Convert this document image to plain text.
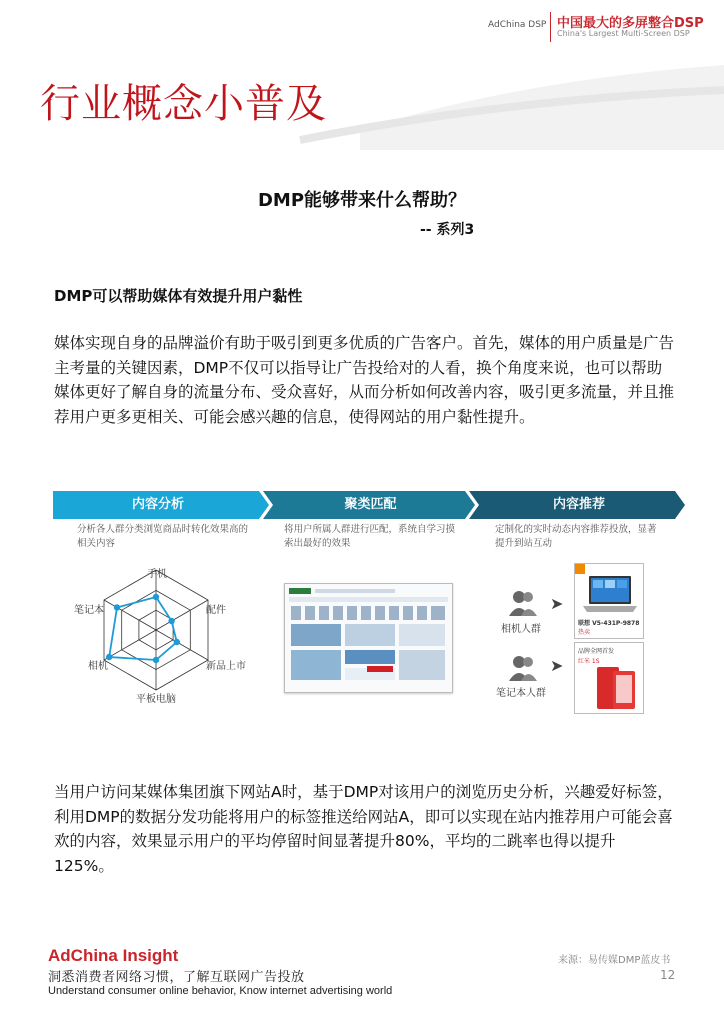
AdChina DSP 中国最大的多屏整合DSP
China's Largest Multi-Screen DSP
行业概念小普及
DMP能够带来什么帮助？
-- 系列3
DMP可以帮助媒体有效提升用户黏性
媒体实现自身的品牌溢价有助于吸引到更多优质的广告客户。首先，媒体的用户质量是广告主考量的关键因素，DMP不仅可以指导让广告投给对的人看，换个角度来说，也可以帮助媒体更好了解自身的流量分布、受众喜好，从而分析如何改善内容，吸引更多流量，并且推荐用户更多更相关、可能会感兴趣的信息，使得网站的用户黏性提升。
内容分析	聚类匹配	内容推荐
分析各人群分类浏览商品时转化效果高的相关内容
将用户所属人群进行匹配，系统自学习摸索出最好的效果
定制化的实时动态内容推荐投放，显著提升到站互动
手机
配件
新品上市
平板电脑
相机
笔记本
相机人群
➤
笔记本人群
➤
联想 V5-431P-9878
热卖
品牌全网首发
红米 1S
当用户访问某媒体集团旗下网站A时，基于DMP对该用户的浏览历史分析，兴趣爱好标签，利用DMP的数据分发功能将用户的标签推送给网站A，即可以实现在站内推荐用户可能会喜欢的内容，效果显示用户的平均停留时间显著提升80%，平均的二跳率也得以提升125%。
AdChina Insight
洞悉消费者网络习惯，了解互联网广告投放
Understand consumer online behavior, Know internet advertising world
来源：易传媒DMP蓝皮书
12
